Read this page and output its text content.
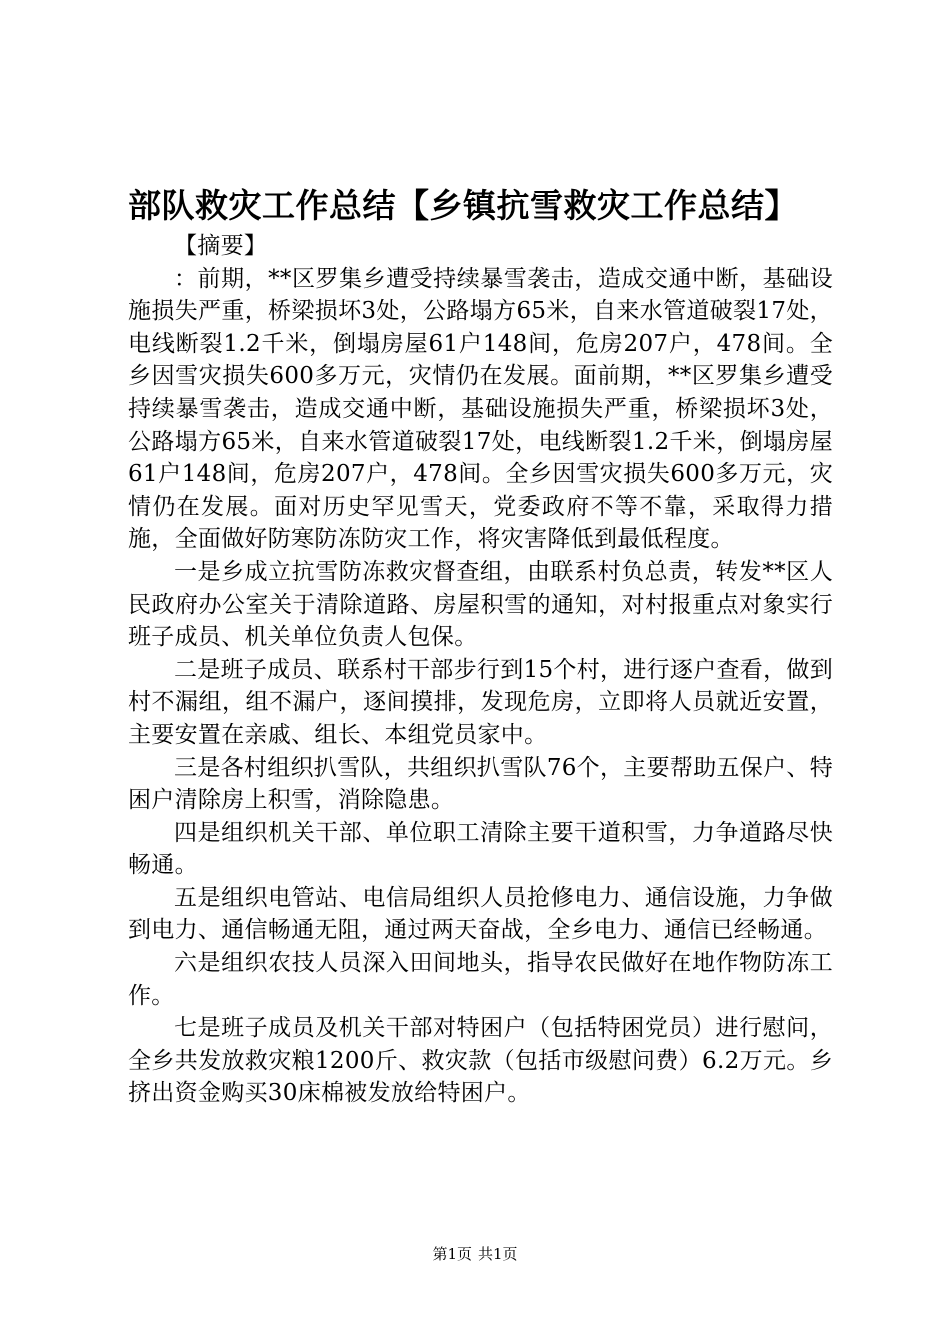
部队救灾工作总结【乡镇抗雪救灾工作总结】

【摘要】

：前期，**区罗集乡遭受持续暴雪袭击，造成交通中断，基础设施损失严重，桥梁损坏3处，公路塌方65米，自来水管道破裂17处，电线断裂1.2千米，倒塌房屋61户148间，危房207户，478间。全乡因雪灾损失600多万元，灾情仍在发展。面前期，**区罗集乡遭受持续暴雪袭击，造成交通中断，基础设施损失严重，桥梁损坏3处，公路塌方65米，自来水管道破裂17处，电线断裂1.2千米，倒塌房屋61户148间，危房207户，478间。全乡因雪灾损失600多万元，灾情仍在发展。面对历史罕见雪天，党委政府不等不靠，采取得力措施，全面做好防寒防冻防灾工作，将灾害降低到最低程度。

一是乡成立抗雪防冻救灾督查组，由联系村负总责，转发**区人民政府办公室关于清除道路、房屋积雪的通知，对村报重点对象实行班子成员、机关单位负责人包保。

二是班子成员、联系村干部步行到15个村，进行逐户查看，做到村不漏组，组不漏户，逐间摸排，发现危房，立即将人员就近安置，主要安置在亲戚、组长、本组党员家中。

三是各村组织扒雪队，共组织扒雪队76个，主要帮助五保户、特困户清除房上积雪，消除隐患。

四是组织机关干部、单位职工清除主要干道积雪，力争道路尽快畅通。

五是组织电管站、电信局组织人员抢修电力、通信设施，力争做到电力、通信畅通无阻，通过两天奋战，全乡电力、通信已经畅通。

六是组织农技人员深入田间地头，指导农民做好在地作物防冻工作。

七是班子成员及机关干部对特困户（包括特困党员）进行慰问，全乡共发放救灾粮1200斤、救灾款（包括市级慰问费）6.2万元。乡挤出资金购买30床棉被发放给特困户。

第1页 共1页
